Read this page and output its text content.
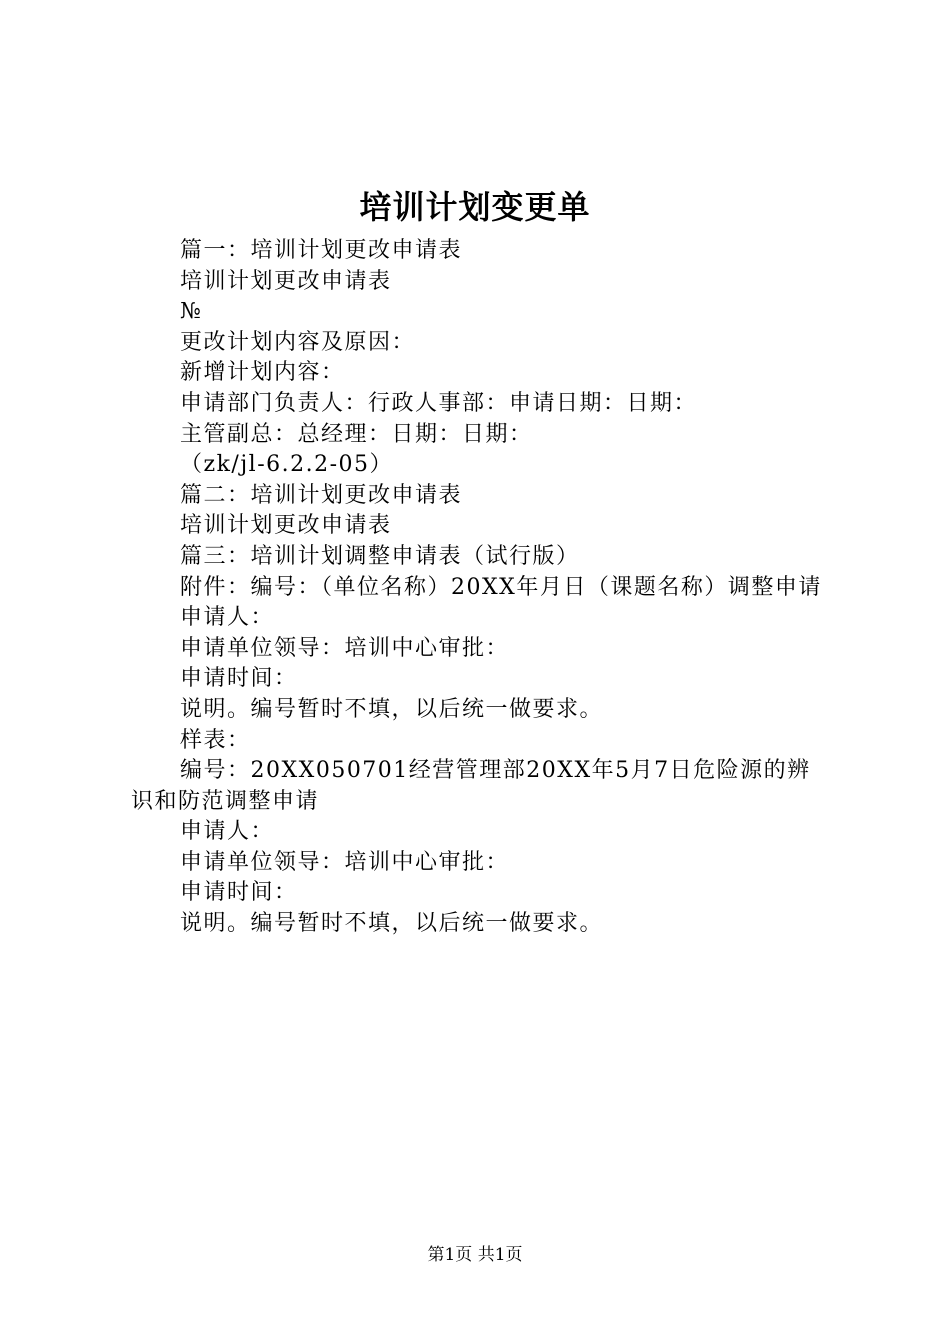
培训计划变更单

篇一：培训计划更改申请表

培训计划更改申请表

№

更改计划内容及原因：

新增计划内容：

申请部门负责人：行政人事部：申请日期：日期：

主管副总：总经理：日期：日期：

（zk/jl-6.2.2-05）

篇二：培训计划更改申请表

培训计划更改申请表

篇三：培训计划调整申请表（试行版）

附件：编号：（单位名称）20XX年月日（课题名称）调整申请

申请人：

申请单位领导：培训中心审批：

申请时间：

说明。编号暂时不填，以后统一做要求。

样表：

编号：20XX050701经营管理部20XX年5月7日危险源的辨识和防范调整申请

申请人：

申请单位领导：培训中心审批：

申请时间：

说明。编号暂时不填，以后统一做要求。

第1页 共1页
